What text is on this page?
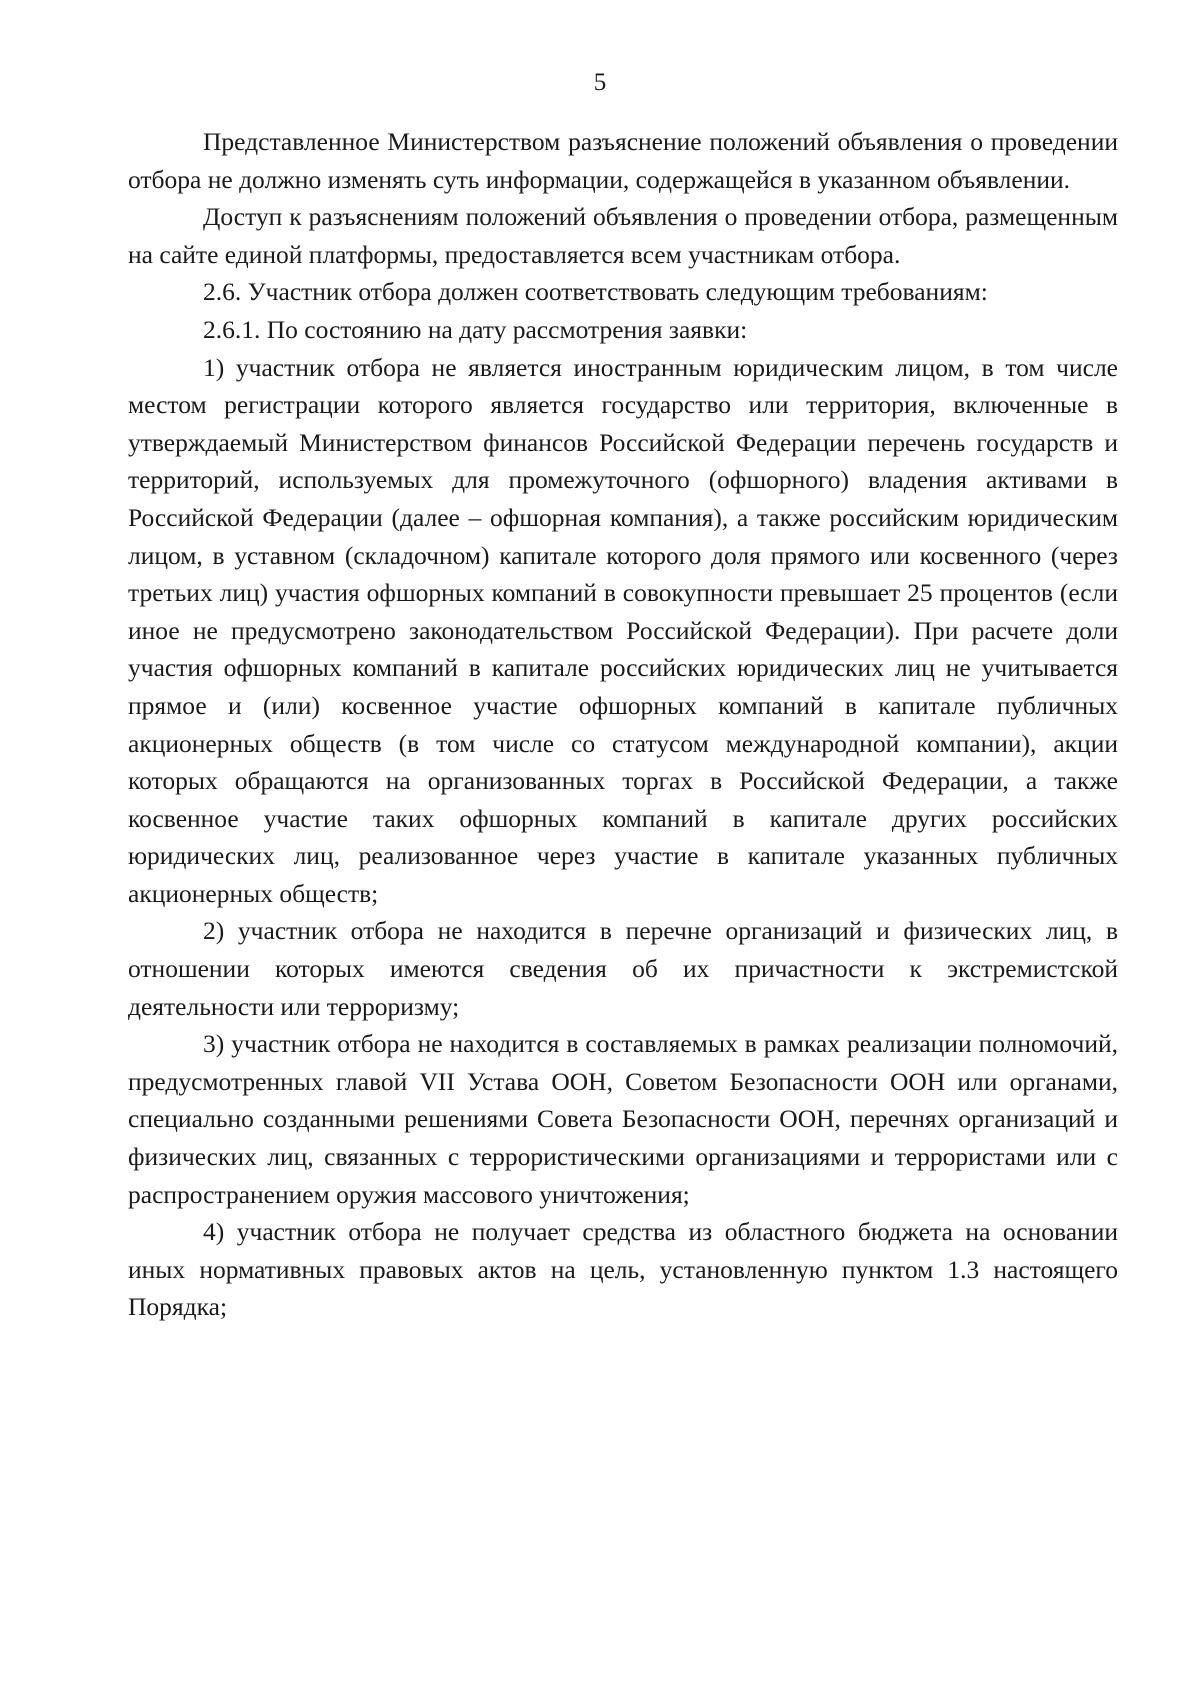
5

Представленное Министерством разъяснение положений объявления о проведении отбора не должно изменять суть информации, содержащейся в указанном объявлении.

Доступ к разъяснениям положений объявления о проведении отбора, размещенным на сайте единой платформы, предоставляется всем участникам отбора.

2.6. Участник отбора должен соответствовать следующим требованиям:

2.6.1. По состоянию на дату рассмотрения заявки:

1) участник отбора не является иностранным юридическим лицом, в том числе местом регистрации которого является государство или территория, включенные в утверждаемый Министерством финансов Российской Федерации перечень государств и территорий, используемых для промежуточного (офшорного) владения активами в Российской Федерации (далее – офшорная компания), а также российским юридическим лицом, в уставном (складочном) капитале которого доля прямого или косвенного (через третьих лиц) участия офшорных компаний в совокупности превышает 25 процентов (если иное не предусмотрено законодательством Российской Федерации). При расчете доли участия офшорных компаний в капитале российских юридических лиц не учитывается прямое и (или) косвенное участие офшорных компаний в капитале публичных акционерных обществ (в том числе со статусом международной компании), акции которых обращаются на организованных торгах в Российской Федерации, а также косвенное участие таких офшорных компаний в капитале других российских юридических лиц, реализованное через участие в капитале указанных публичных акционерных обществ;

2) участник отбора не находится в перечне организаций и физических лиц, в отношении которых имеются сведения об их причастности к экстремистской деятельности или терроризму;

3) участник отбора не находится в составляемых в рамках реализации полномочий, предусмотренных главой VII Устава ООН, Советом Безопасности ООН или органами, специально созданными решениями Совета Безопасности ООН, перечнях организаций и физических лиц, связанных с террористическими организациями и террористами или с распространением оружия массового уничтожения;

4) участник отбора не получает средства из областного бюджета на основании иных нормативных правовых актов на цель, установленную пунктом 1.3 настоящего Порядка;
